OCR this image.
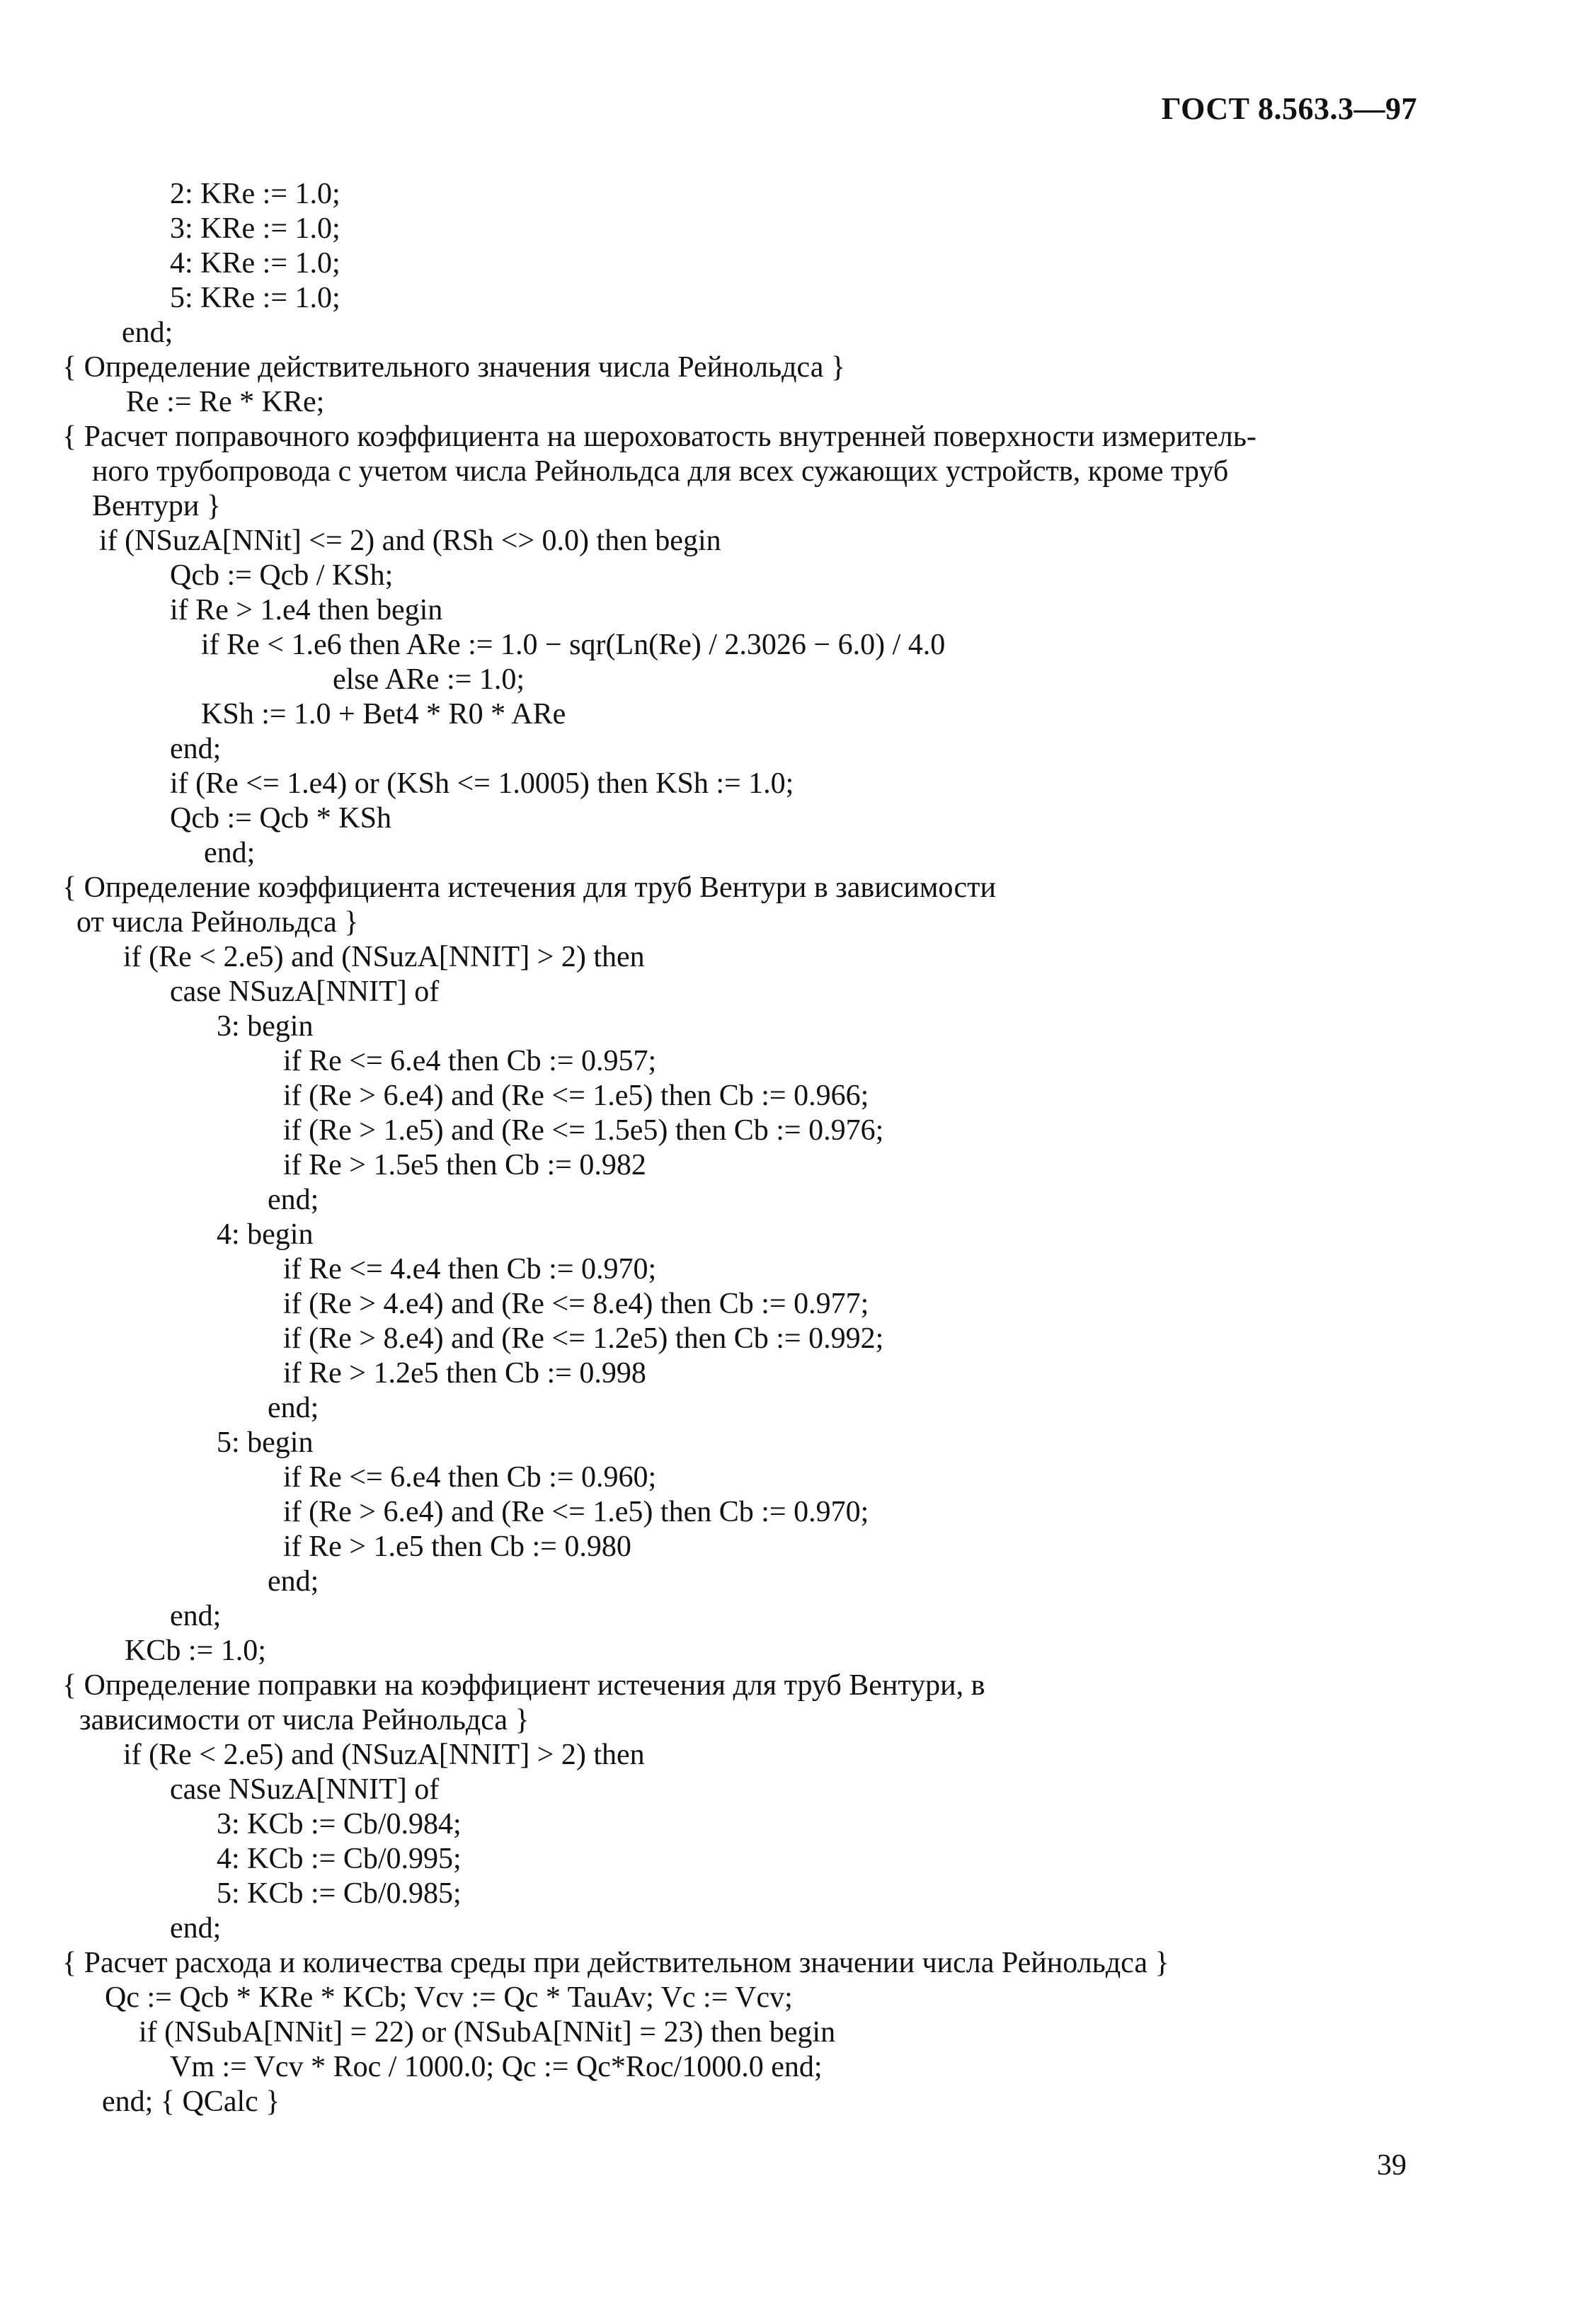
ГОСТ 8.563.3—97
2: KRe := 1.0;
3: KRe := 1.0;
4: KRe := 1.0;
5: KRe := 1.0;
end;
{ Определение действительного значения числа Рейнольдса }
Re := Re * KRe;
{ Расчет поправочного коэффициента на шероховатость внутренней поверхности измеритель-
ного трубопровода с учетом числа Рейнольдса для всех сужающих устройств, кроме труб
Вентури }
if (NSuzA[NNit] <= 2) and (RSh <> 0.0) then begin
Qcb := Qcb / KSh;
if Re > 1.e4 then begin
if Re < 1.e6 then ARe := 1.0 − sqr(Ln(Re) / 2.3026 − 6.0) / 4.0
else ARe := 1.0;
KSh := 1.0 + Bet4 * R0 * ARe
end;
if (Re <= 1.e4) or (KSh <= 1.0005) then KSh := 1.0;
Qcb := Qcb * KSh
end;
{ Определение коэффициента истечения для труб Вентури в зависимости
от числа Рейнольдса }
if (Re < 2.e5) and (NSuzA[NNIT] > 2) then
case NSuzA[NNIT] of
3: begin
if Re <= 6.e4 then Cb := 0.957;
if (Re > 6.e4) and (Re <= 1.e5) then Cb := 0.966;
if (Re > 1.e5) and (Re <= 1.5e5) then Cb := 0.976;
if Re > 1.5e5 then Cb := 0.982
end;
4: begin
if Re <= 4.e4 then Cb := 0.970;
if (Re > 4.e4) and (Re <= 8.e4) then Cb := 0.977;
if (Re > 8.e4) and (Re <= 1.2e5) then Cb := 0.992;
if Re > 1.2e5 then Cb := 0.998
end;
5: begin
if Re <= 6.e4 then Cb := 0.960;
if (Re > 6.e4) and (Re <= 1.e5) then Cb := 0.970;
if Re > 1.e5 then Cb := 0.980
end;
end;
KCb := 1.0;
{ Определение поправки на коэффициент истечения для труб Вентури, в
зависимости от числа Рейнольдса }
if (Re < 2.e5) and (NSuzA[NNIT] > 2) then
case NSuzA[NNIT] of
3: KCb := Cb/0.984;
4: KCb := Cb/0.995;
5: KCb := Cb/0.985;
end;
{ Расчет расхода и количества среды при действительном значении числа Рейнольдса }
Qc := Qcb * KRe * KCb; Vcv := Qc * TauAv; Vc := Vcv;
if (NSubA[NNit] = 22) or (NSubA[NNit] = 23) then begin
Vm := Vcv * Roc / 1000.0; Qc := Qc*Roc/1000.0 end;
end; { QCalc }
39
